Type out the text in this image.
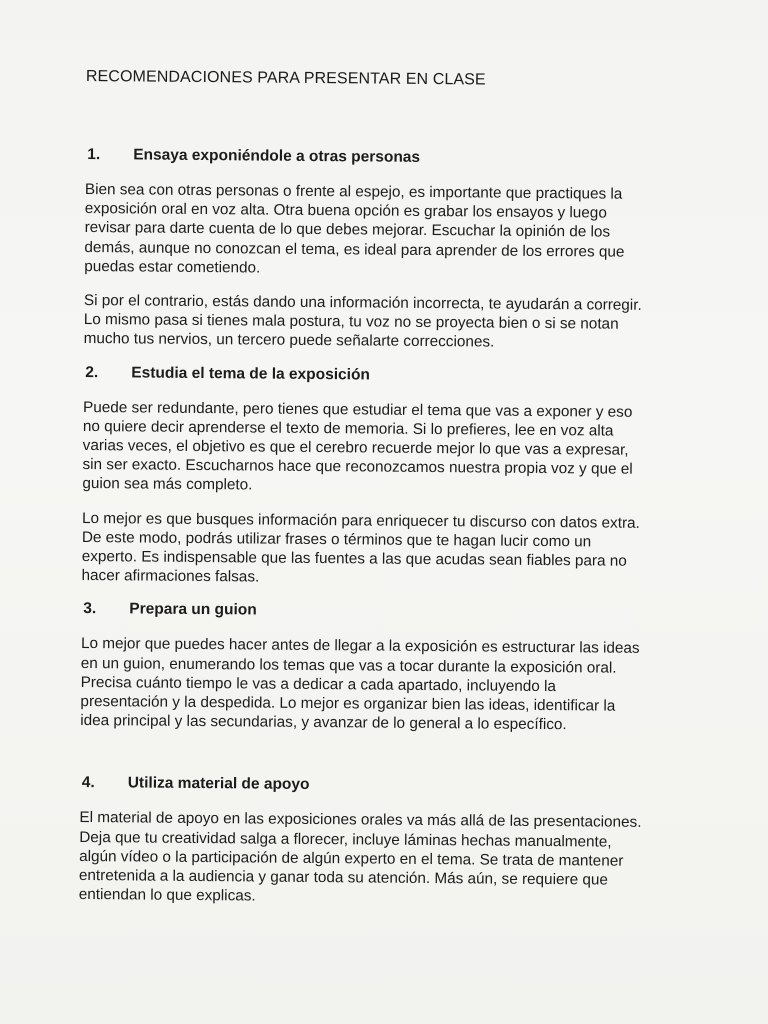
RECOMENDACIONES PARA PRESENTAR EN CLASE
1.	Ensaya exponiéndole a otras personas

Bien sea con otras personas o frente al espejo, es importante que practiques la
exposición oral en voz alta. Otra buena opción es grabar los ensayos y luego
revisar para darte cuenta de lo que debes mejorar. Escuchar la opinión de los
demás, aunque no conozcan el tema, es ideal para aprender de los errores que
puedas estar cometiendo.

Si por el contrario, estás dando una información incorrecta, te ayudarán a corregir.
Lo mismo pasa si tienes mala postura, tu voz no se proyecta bien o si se notan
mucho tus nervios, un tercero puede señalarte correcciones.

2.	Estudia el tema de la exposición

Puede ser redundante, pero tienes que estudiar el tema que vas a exponer y eso
no quiere decir aprenderse el texto de memoria. Si lo prefieres, lee en voz alta
varias veces, el objetivo es que el cerebro recuerde mejor lo que vas a expresar,
sin ser exacto. Escucharnos hace que reconozcamos nuestra propia voz y que el
guion sea más completo.

Lo mejor es que busques información para enriquecer tu discurso con datos extra.
De este modo, podrás utilizar frases o términos que te hagan lucir como un
experto. Es indispensable que las fuentes a las que acudas sean fiables para no
hacer afirmaciones falsas.

3.	Prepara un guion

Lo mejor que puedes hacer antes de llegar a la exposición es estructurar las ideas
en un guion, enumerando los temas que vas a tocar durante la exposición oral.
Precisa cuánto tiempo le vas a dedicar a cada apartado, incluyendo la
presentación y la despedida. Lo mejor es organizar bien las ideas, identificar la
idea principal y las secundarias, y avanzar de lo general a lo específico.

4.	Utiliza material de apoyo

El material de apoyo en las exposiciones orales va más allá de las presentaciones.
Deja que tu creatividad salga a florecer, incluye láminas hechas manualmente,
algún vídeo o la participación de algún experto en el tema. Se trata de mantener
entretenida a la audiencia y ganar toda su atención. Más aún, se requiere que
entiendan lo que explicas.
